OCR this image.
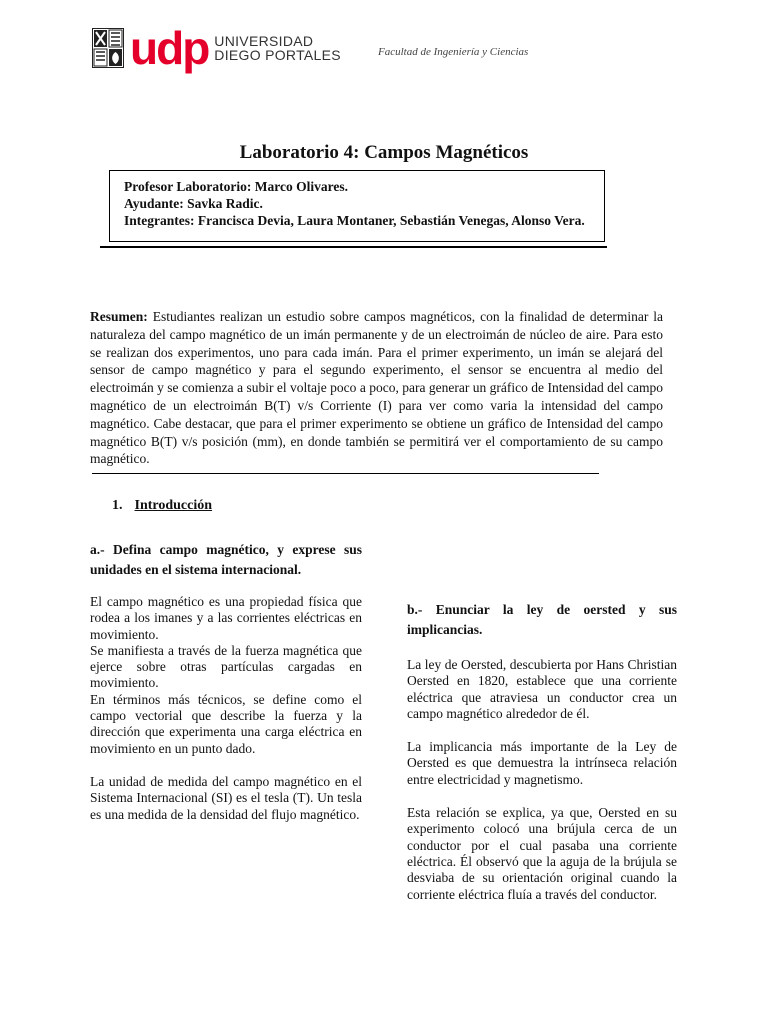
udp UNIVERSIDAD
DIEGO PORTALES	Facultad de Ingeniería y Ciencias
Laboratorio 4: Campos Magnéticos
Profesor Laboratorio: Marco Olivares.
Ayudante: Savka Radic.
Integrantes: Francisca Devia, Laura Montaner, Sebastián Venegas, Alonso Vera.
Resumen: Estudiantes realizan un estudio sobre campos magnéticos, con la finalidad de determinar la naturaleza del campo magnético de un imán permanente y de un electroimán de núcleo de aire. Para esto se realizan dos experimentos, uno para cada imán. Para el primer experimento, un imán se alejará del sensor de campo magnético y para el segundo experimento, el sensor se encuentra al medio del electroimán y se comienza a subir el voltaje poco a poco, para generar un gráfico de Intensidad del campo magnético de un electroimán B(T) v/s Corriente (I) para ver como varia la intensidad del campo magnético. Cabe destacar, que para el primer experimento se obtiene un gráfico de Intensidad del campo magnético B(T) v/s posición (mm), en donde también se permitirá ver el comportamiento de su campo magnético.
1. Introducción

a.- Defina campo magnético, y exprese sus unidades en el sistema internacional.

El campo magnético es una propiedad física que rodea a los imanes y a las corrientes eléctricas en movimiento.

Se manifiesta a través de la fuerza magnética que ejerce sobre otras partículas cargadas en movimiento.

En términos más técnicos, se define como el campo vectorial que describe la fuerza y la dirección que experimenta una carga eléctrica en movimiento en un punto dado.

La unidad de medida del campo magnético en el Sistema Internacional (SI) es el tesla (T). Un tesla es una medida de la densidad del flujo magnético.

b.- Enunciar la ley de oersted y sus implicancias.

La ley de Oersted, descubierta por Hans Christian Oersted en 1820, establece que una corriente eléctrica que atraviesa un conductor crea un campo magnético alrededor de él.

La implicancia más importante de la Ley de Oersted es que demuestra la intrínseca relación entre electricidad y magnetismo.

Esta relación se explica, ya que, Oersted en su experimento colocó una brújula cerca de un conductor por el cual pasaba una corriente eléctrica. Él observó que la aguja de la brújula se desviaba de su orientación original cuando la corriente eléctrica fluía a través del conductor.
